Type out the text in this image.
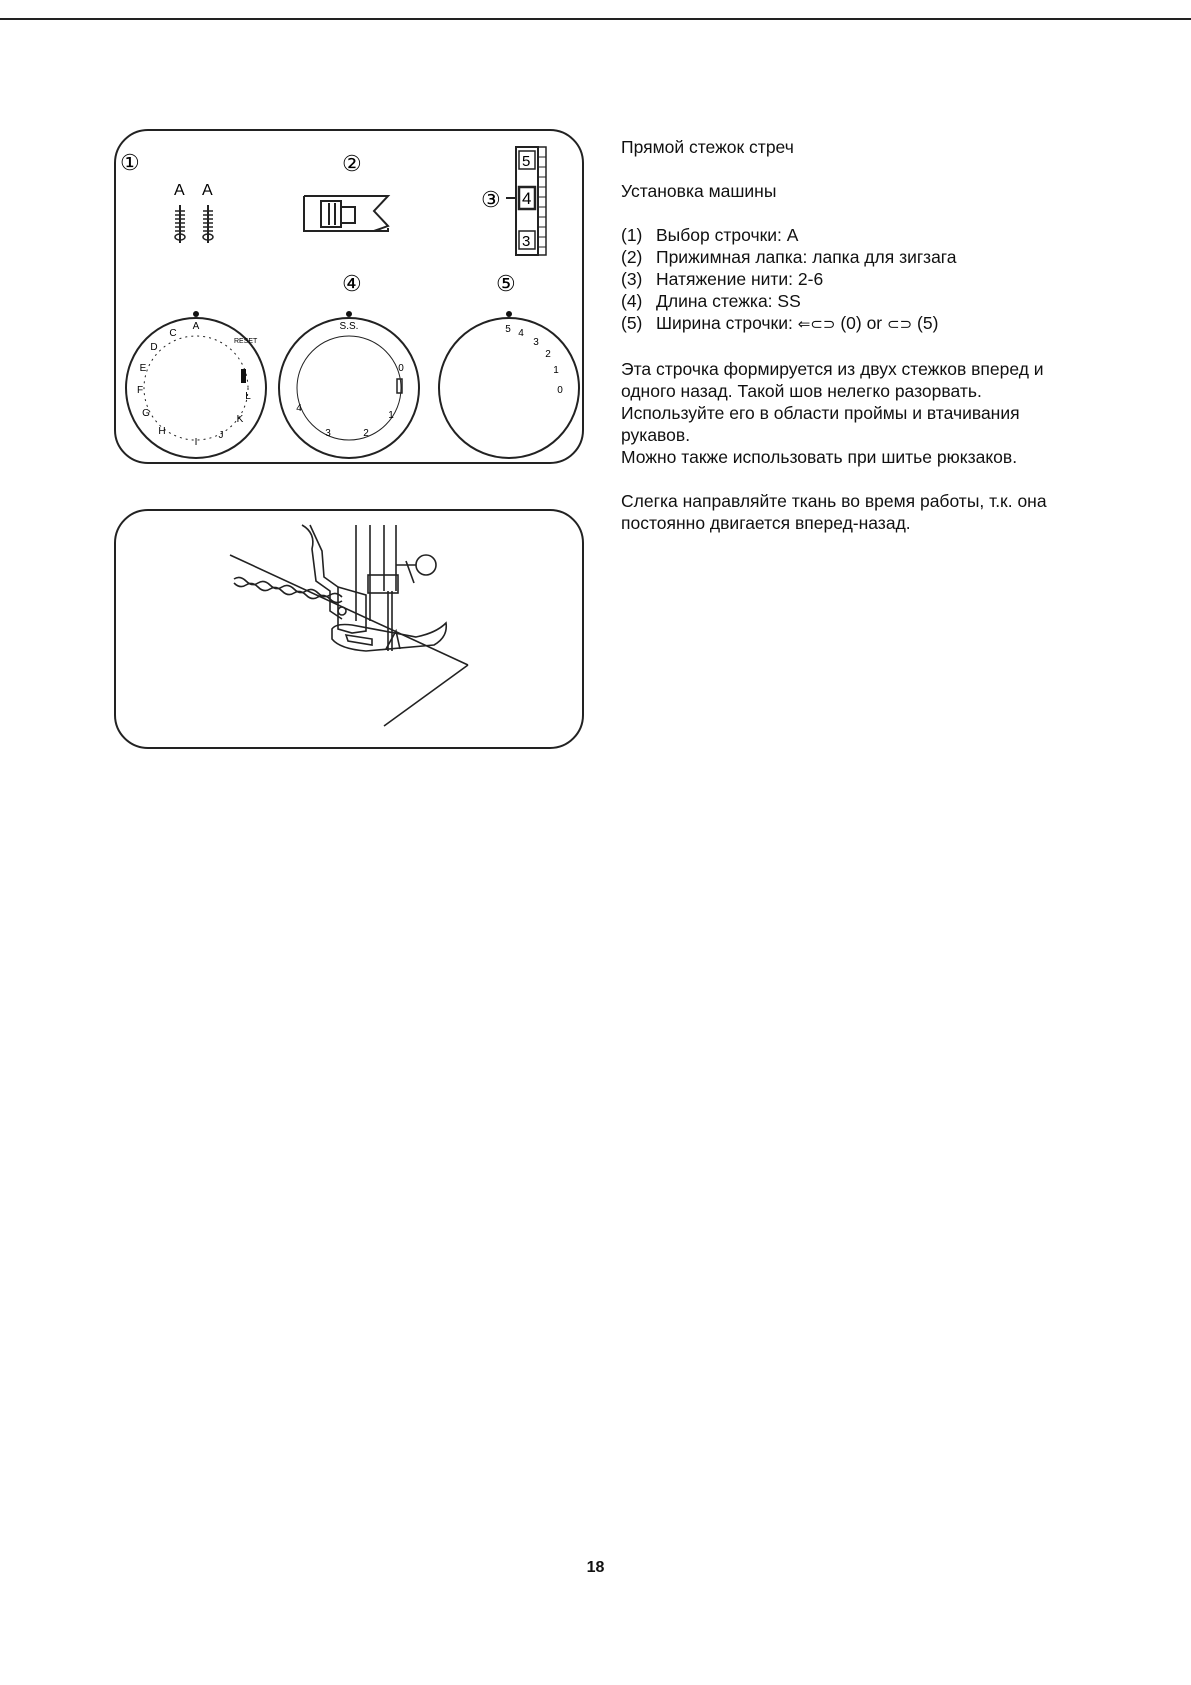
①	②
③
④	⑤
A A
5
4
3
A
C
D
E
F
G
H
I
J
K
L
RESET
S.S.
0
1
2
3
4
5 4
3
2
1
0

Прямой стежок стреч

Установка машины

(1) Выбор строчки: A
(2) Прижимная лапка: лапка для зигзага
(3) Натяжение нити: 2-6
(4) Длина стежка: SS
(5) Ширина строчки: ⇐⊂⊃ (0) or ⊂⊃ (5)

Эта строчка формируется из двух стежков вперед и одного назад. Такой шов нелегко разорвать.

Используйте его в области проймы и втачивания рукавов.

Можно также использовать при шитье рюкзаков.

Слегка направляйте ткань во время работы, т.к. она постоянно двигается вперед-назад.

18
